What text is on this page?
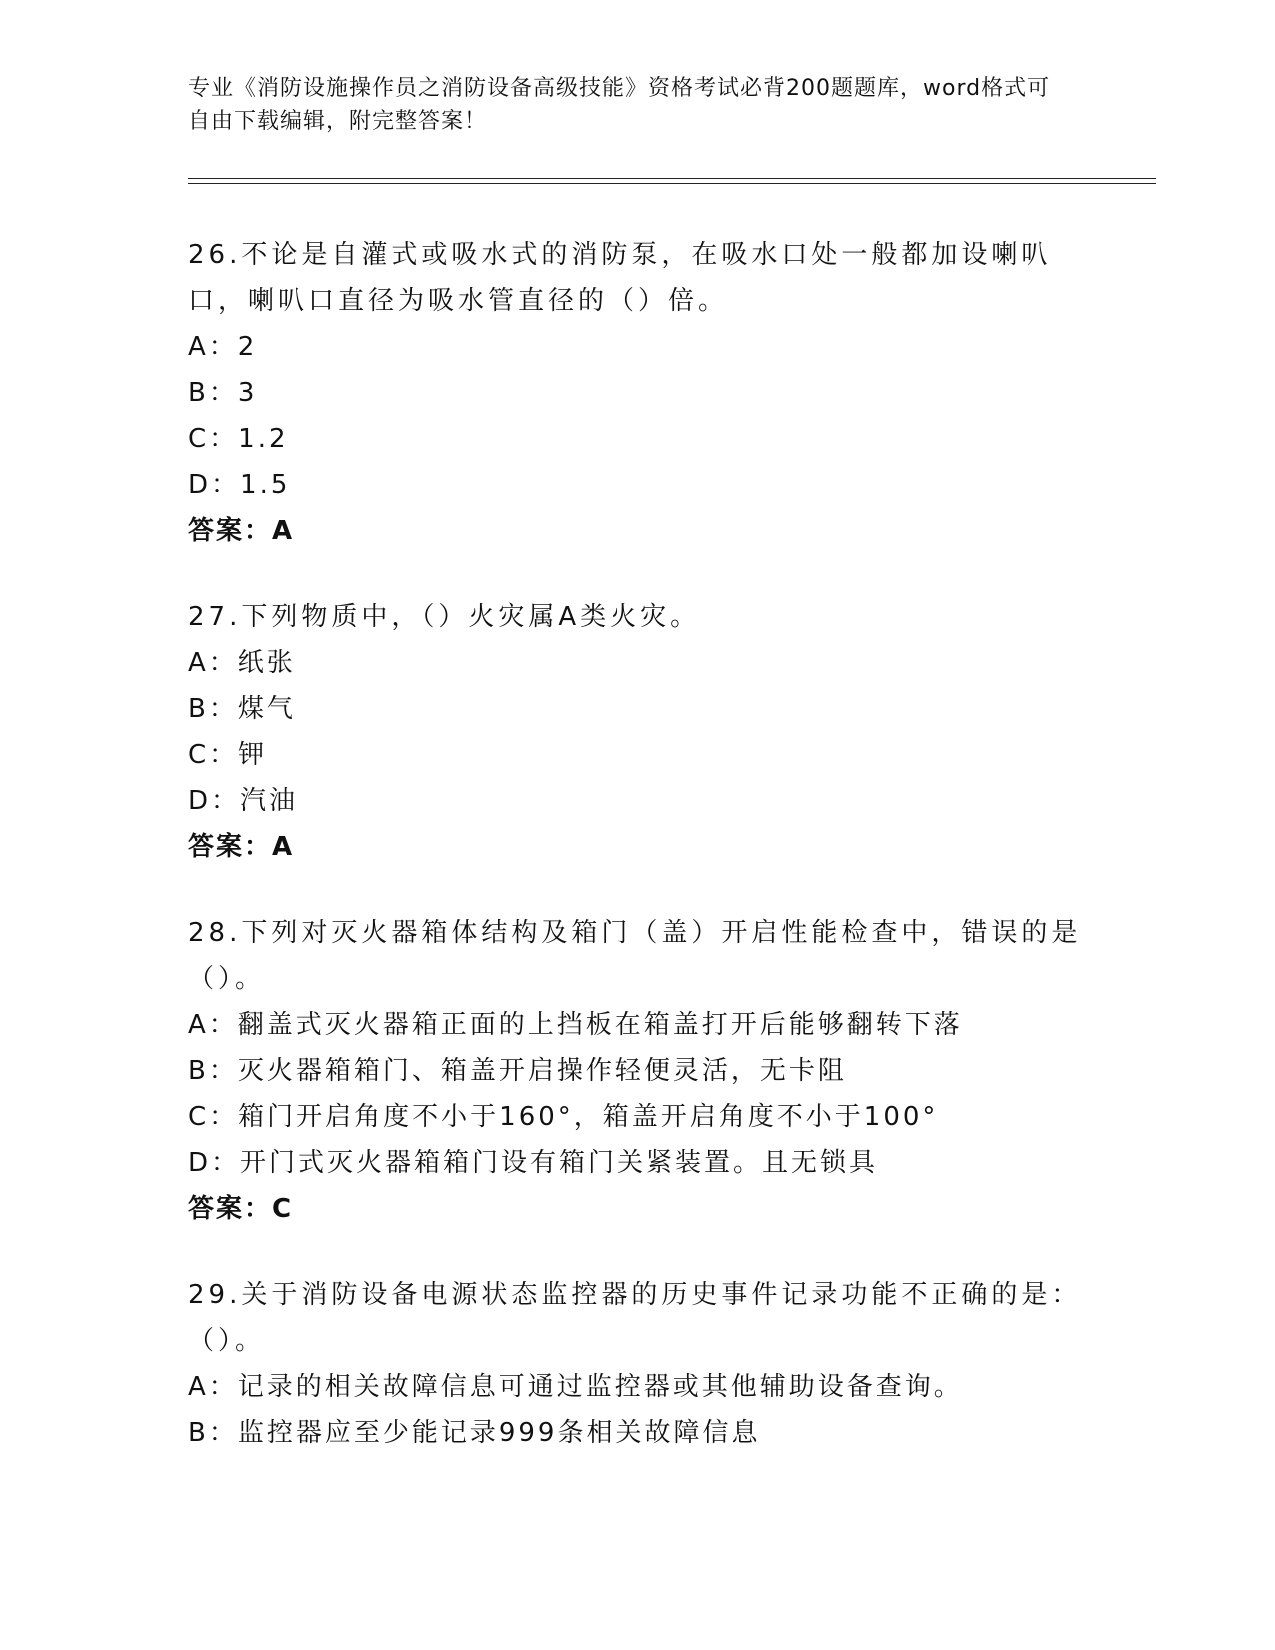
专业《消防设施操作员之消防设备高级技能》资格考试必背200题题库，word格式可自由下载编辑，附完整答案！
26.不论是自灌式或吸水式的消防泵，在吸水口处一般都加设喇叭口，喇叭口直径为吸水管直径的（）倍。
A：2
B：3
C：1.2
D：1.5
答案：A
27.下列物质中，（）火灾属A类火灾。
A：纸张
B：煤气
C：钾
D：汽油
答案：A
28.下列对灭火器箱体结构及箱门（盖）开启性能检查中，错误的是（）。
A：翻盖式灭火器箱正面的上挡板在箱盖打开后能够翻转下落
B：灭火器箱箱门、箱盖开启操作轻便灵活，无卡阻
C：箱门开启角度不小于160°，箱盖开启角度不小于100°
D：开门式灭火器箱箱门设有箱门关紧装置。且无锁具
答案：C
29.关于消防设备电源状态监控器的历史事件记录功能不正确的是：（）。
A：记录的相关故障信息可通过监控器或其他辅助设备查询。
B：监控器应至少能记录999条相关故障信息
